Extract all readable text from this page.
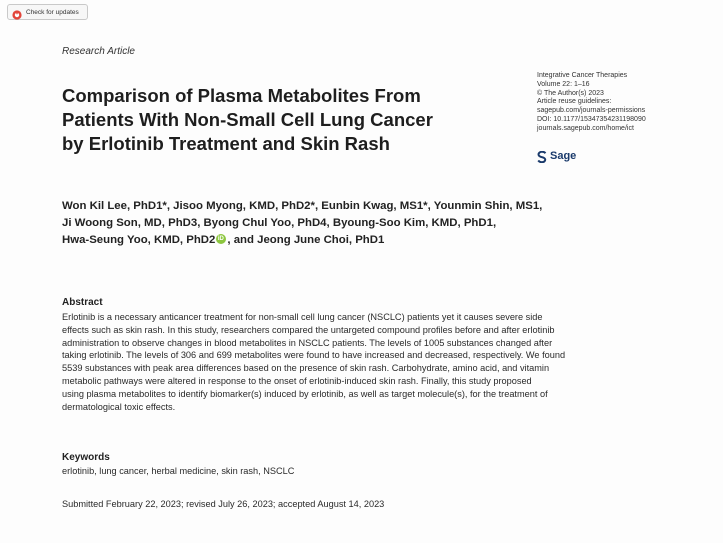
Check for updates
Research Article
Comparison of Plasma Metabolites From
Patients With Non-Small Cell Lung Cancer
by Erlotinib Treatment and Skin Rash
Integrative Cancer Therapies
Volume 22: 1–16
© The Author(s) 2023
Article reuse guidelines:
sagepub.com/journals-permissions
DOI: 10.1177/15347354231198090
journals.sagepub.com/home/ict
Sage
Won Kil Lee, PhD1*, Jisoo Myong, KMD, PhD2*, Eunbin Kwag, MS1*, Younmin Shin, MS1,
Ji Woong Son, MD, PhD3, Byong Chul Yoo, PhD4, Byoung-Soo Kim, KMD, PhD1,
Hwa-Seung Yoo, KMD, PhD2iD , and Jeong June Choi, PhD1
Abstract
Erlotinib is a necessary anticancer treatment for non-small cell lung cancer (NSCLC) patients yet it causes severe side
effects such as skin rash. In this study, researchers compared the untargeted compound profiles before and after erlotinib
administration to observe changes in blood metabolites in NSCLC patients. The levels of 1005 substances changed after
taking erlotinib. The levels of 306 and 699 metabolites were found to have increased and decreased, respectively. We found
5539 substances with peak area differences based on the presence of skin rash. Carbohydrate, amino acid, and vitamin
metabolic pathways were altered in response to the onset of erlotinib-induced skin rash. Finally, this study proposed
using plasma metabolites to identify biomarker(s) induced by erlotinib, as well as target molecule(s), for the treatment of
dermatological toxic effects.
Keywords
erlotinib, lung cancer, herbal medicine, skin rash, NSCLC
Submitted February 22, 2023; revised July 26, 2023; accepted August 14, 2023
